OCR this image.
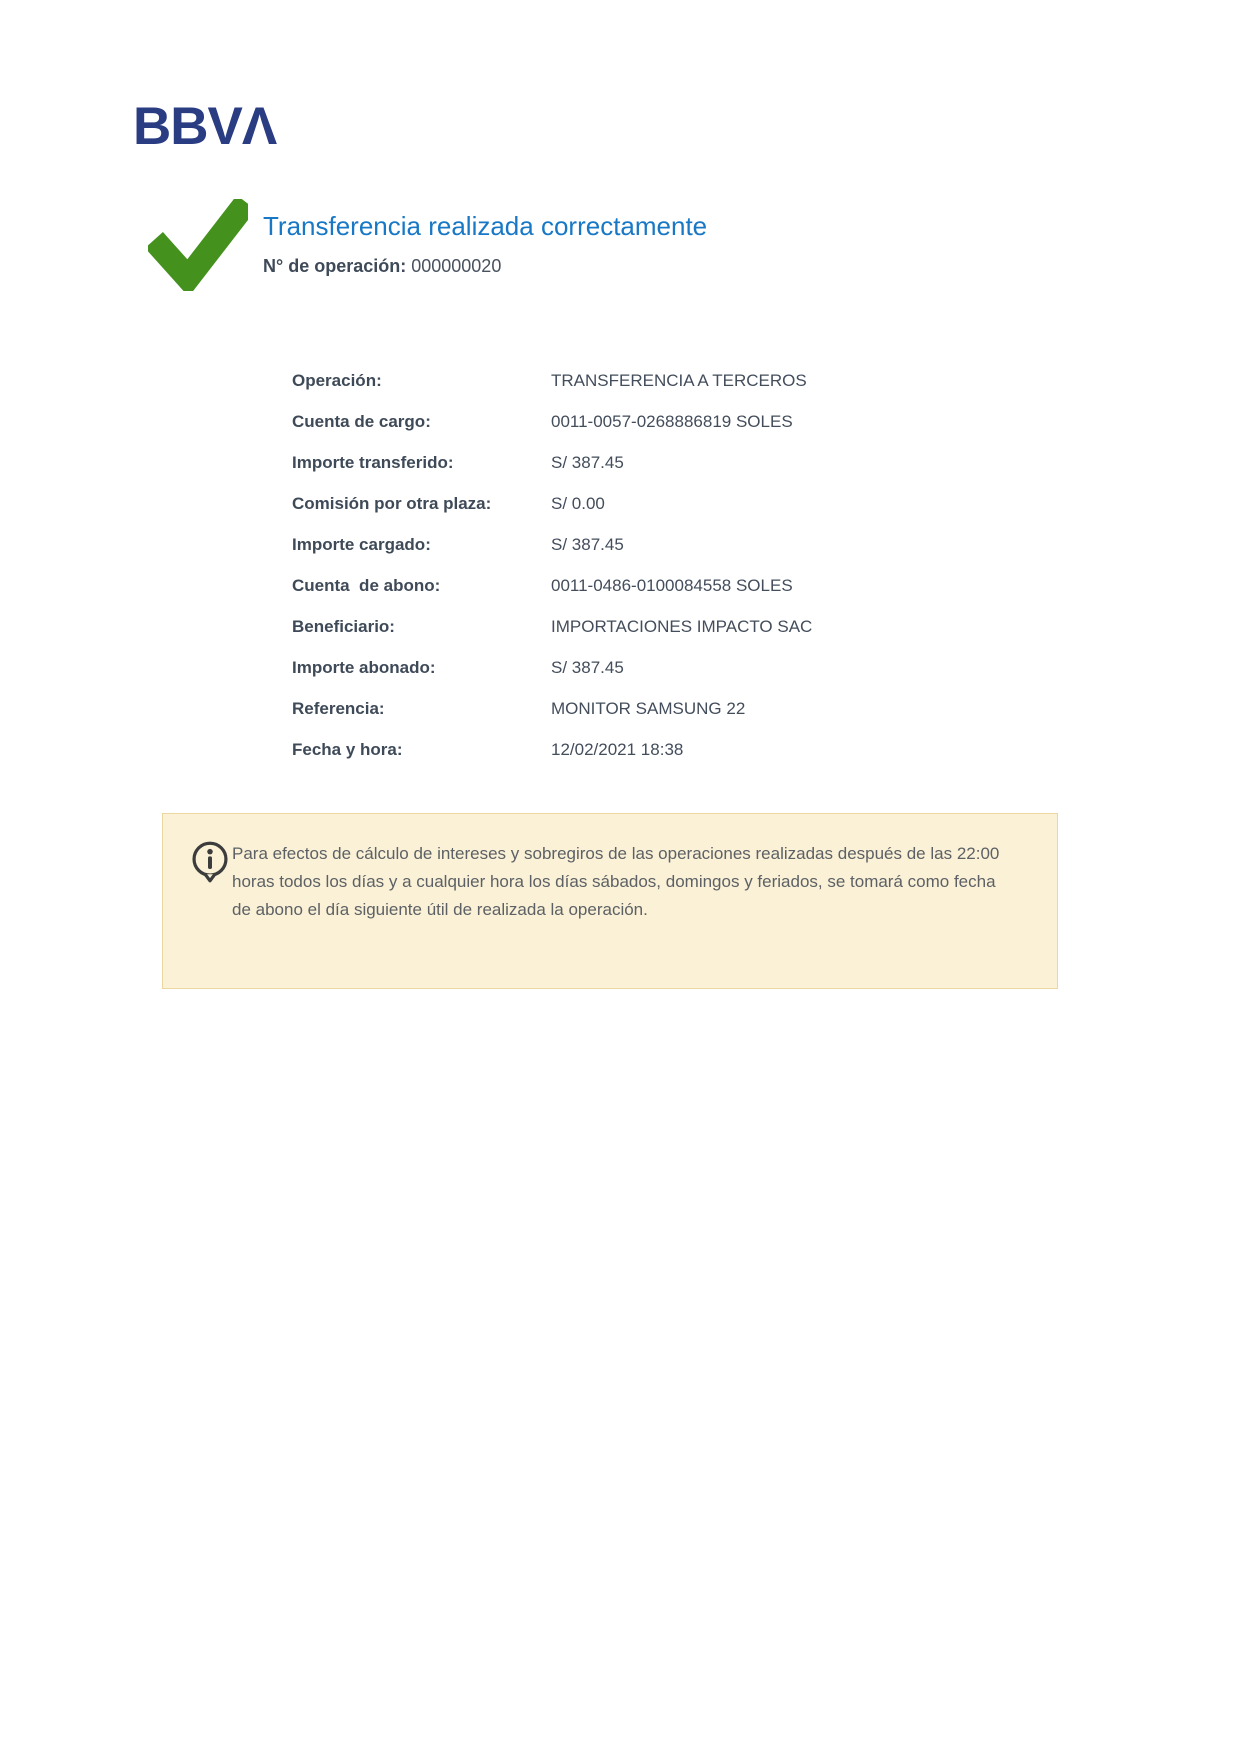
BBVΛ
Transferencia realizada correctamente
N° de operación: 000000020
Operación:	TRANSFERENCIA A TERCEROS
Cuenta de cargo:	0011-0057-0268886819 SOLES
Importe transferido:	S/ 387.45
Comisión por otra plaza:	S/ 0.00
Importe cargado:	S/ 387.45
Cuenta  de abono:	0011-0486-0100084558 SOLES
Beneficiario:	IMPORTACIONES IMPACTO SAC
Importe abonado:	S/ 387.45
Referencia:	MONITOR SAMSUNG 22
Fecha y hora:	12/02/2021 18:38
Para efectos de cálculo de intereses y sobregiros de las operaciones realizadas después de las 22:00 horas todos los días y a cualquier hora los días sábados, domingos y feriados, se tomará como fecha de abono el día siguiente útil de realizada la operación.
